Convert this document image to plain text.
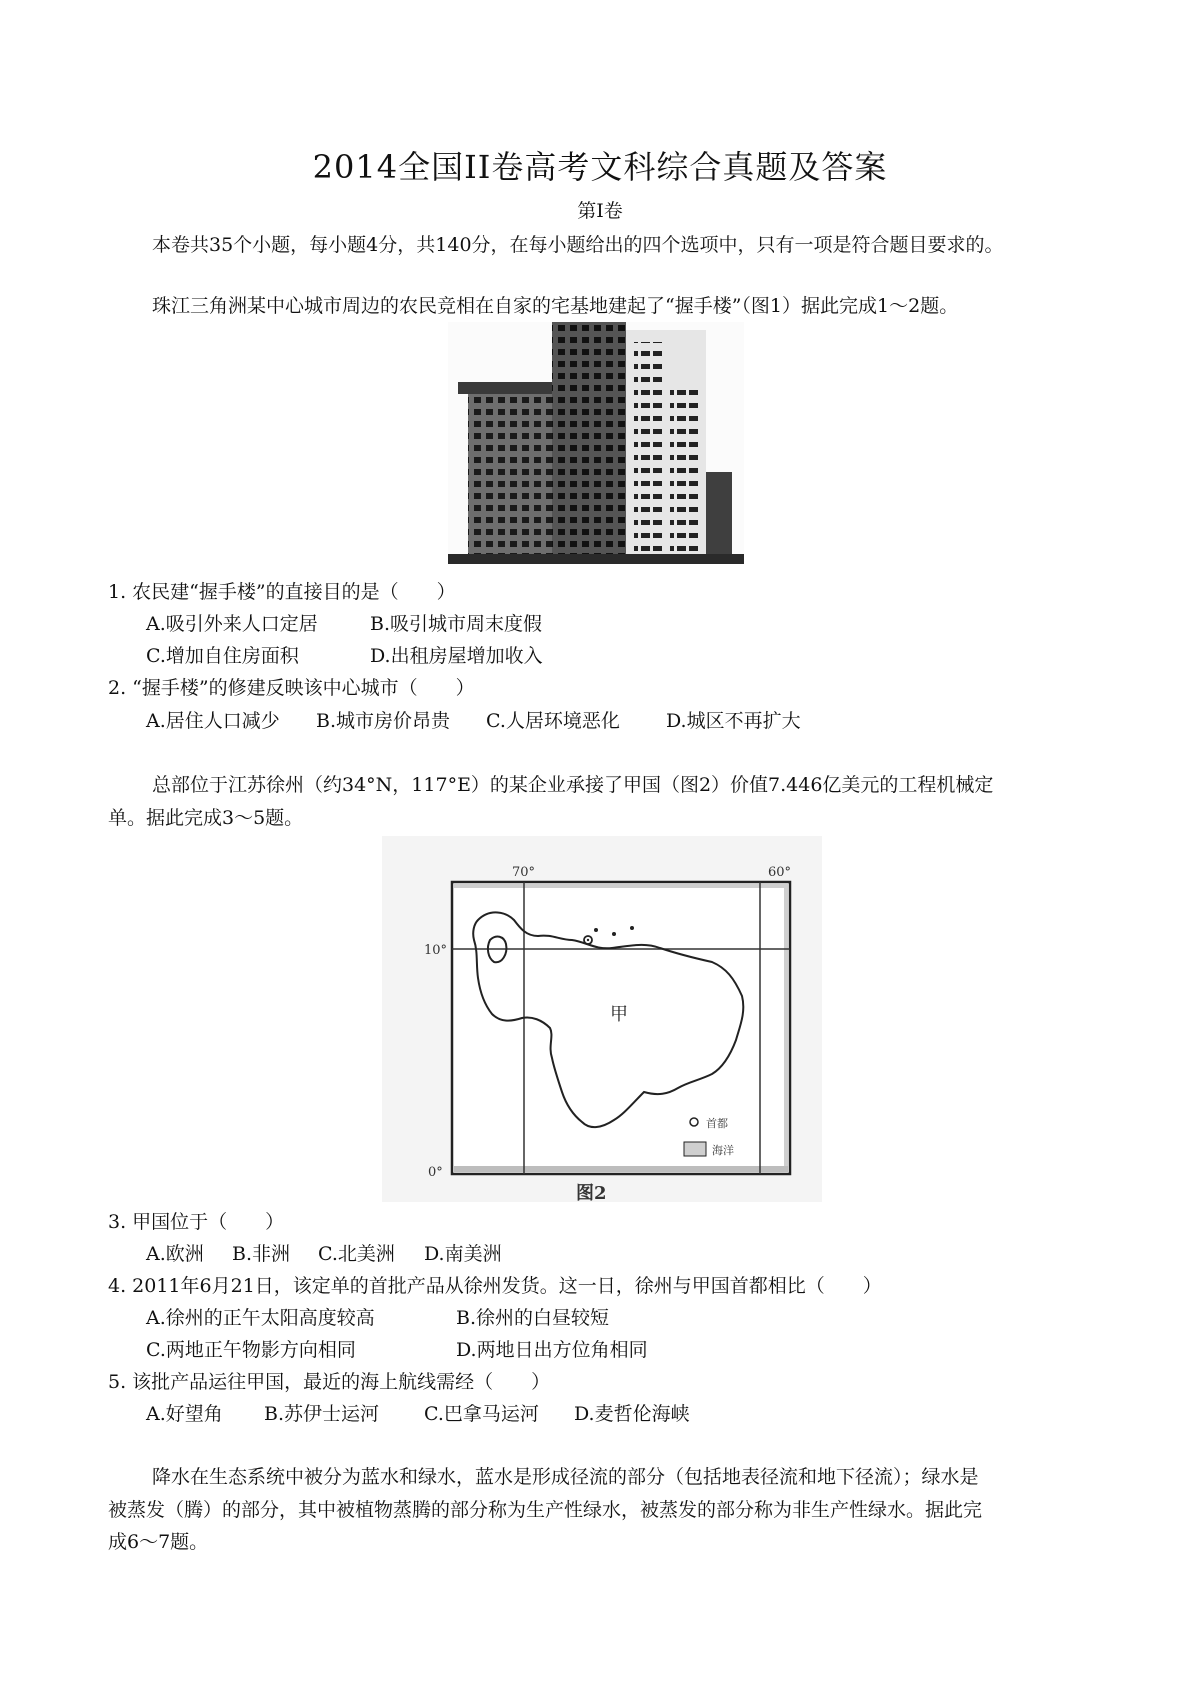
2014全国II卷高考文科综合真题及答案
第Ⅰ卷
本卷共35个小题，每小题4分，共140分，在每小题给出的四个选项中，只有一项是符合题目要求的。
珠江三角洲某中心城市周边的农民竞相在自家的宅基地建起了“握手楼”（图1）据此完成1～2题。
1. 农民建“握手楼”的直接目的是（　　）
A.吸引外来人口定居	B.吸引城市周末度假
C.增加自住房面积	D.出租房屋增加收入
2. “握手楼”的修建反映该中心城市（　　）
A.居住人口减少 B.城市房价昂贵 C.人居环境恶化 D.城区不再扩大
总部位于江苏徐州（约34°N，117°E）的某企业承接了甲国（图2）价值7.446亿美元的工程机械定
单。据此完成3～5题。
70°	60°
10°
0°
甲
首都
海洋
图2
3. 甲国位于（　　）
A.欧洲 B.非洲 C.北美洲 D.南美洲
4. 2011年6月21日，该定单的首批产品从徐州发货。这一日，徐州与甲国首都相比（　　）
A.徐州的正午太阳高度较高	B.徐州的白昼较短
C.两地正午物影方向相同	D.两地日出方位角相同
5. 该批产品运往甲国，最近的海上航线需经（　　）
A.好望角 B.苏伊士运河 C.巴拿马运河 D.麦哲伦海峡
降水在生态系统中被分为蓝水和绿水，蓝水是形成径流的部分（包括地表径流和地下径流）；绿水是
被蒸发（腾）的部分，其中被植物蒸腾的部分称为生产性绿水，被蒸发的部分称为非生产性绿水。据此完
成6～7题。
